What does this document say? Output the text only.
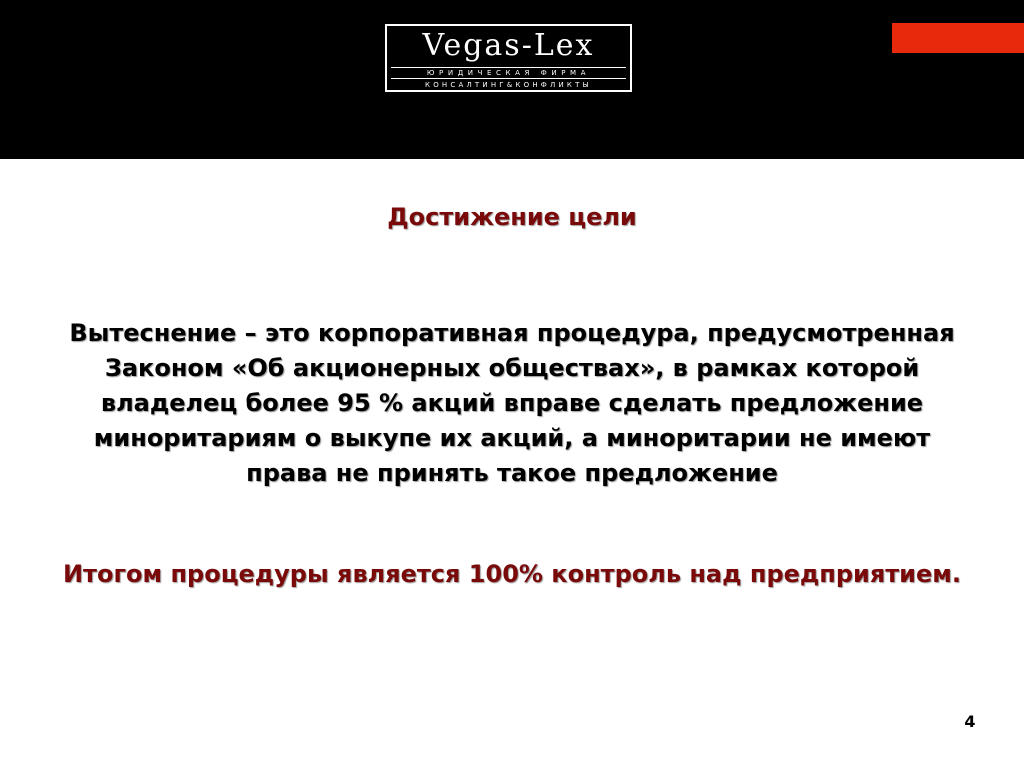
Vegas-Lex
ЮРИДИЧЕСКАЯ ФИРМА
КОНСАЛТИНГ&КОНФЛИКТЫ
Достижение цели
Вытеснение – это корпоративная процедура, предусмотренная Законом «Об акционерных обществах», в рамках которой владелец более 95 % акций вправе сделать предложение миноритариям о выкупе их акций, а миноритарии не имеют права не принять такое предложение
Итогом процедуры является 100% контроль над предприятием.
4
